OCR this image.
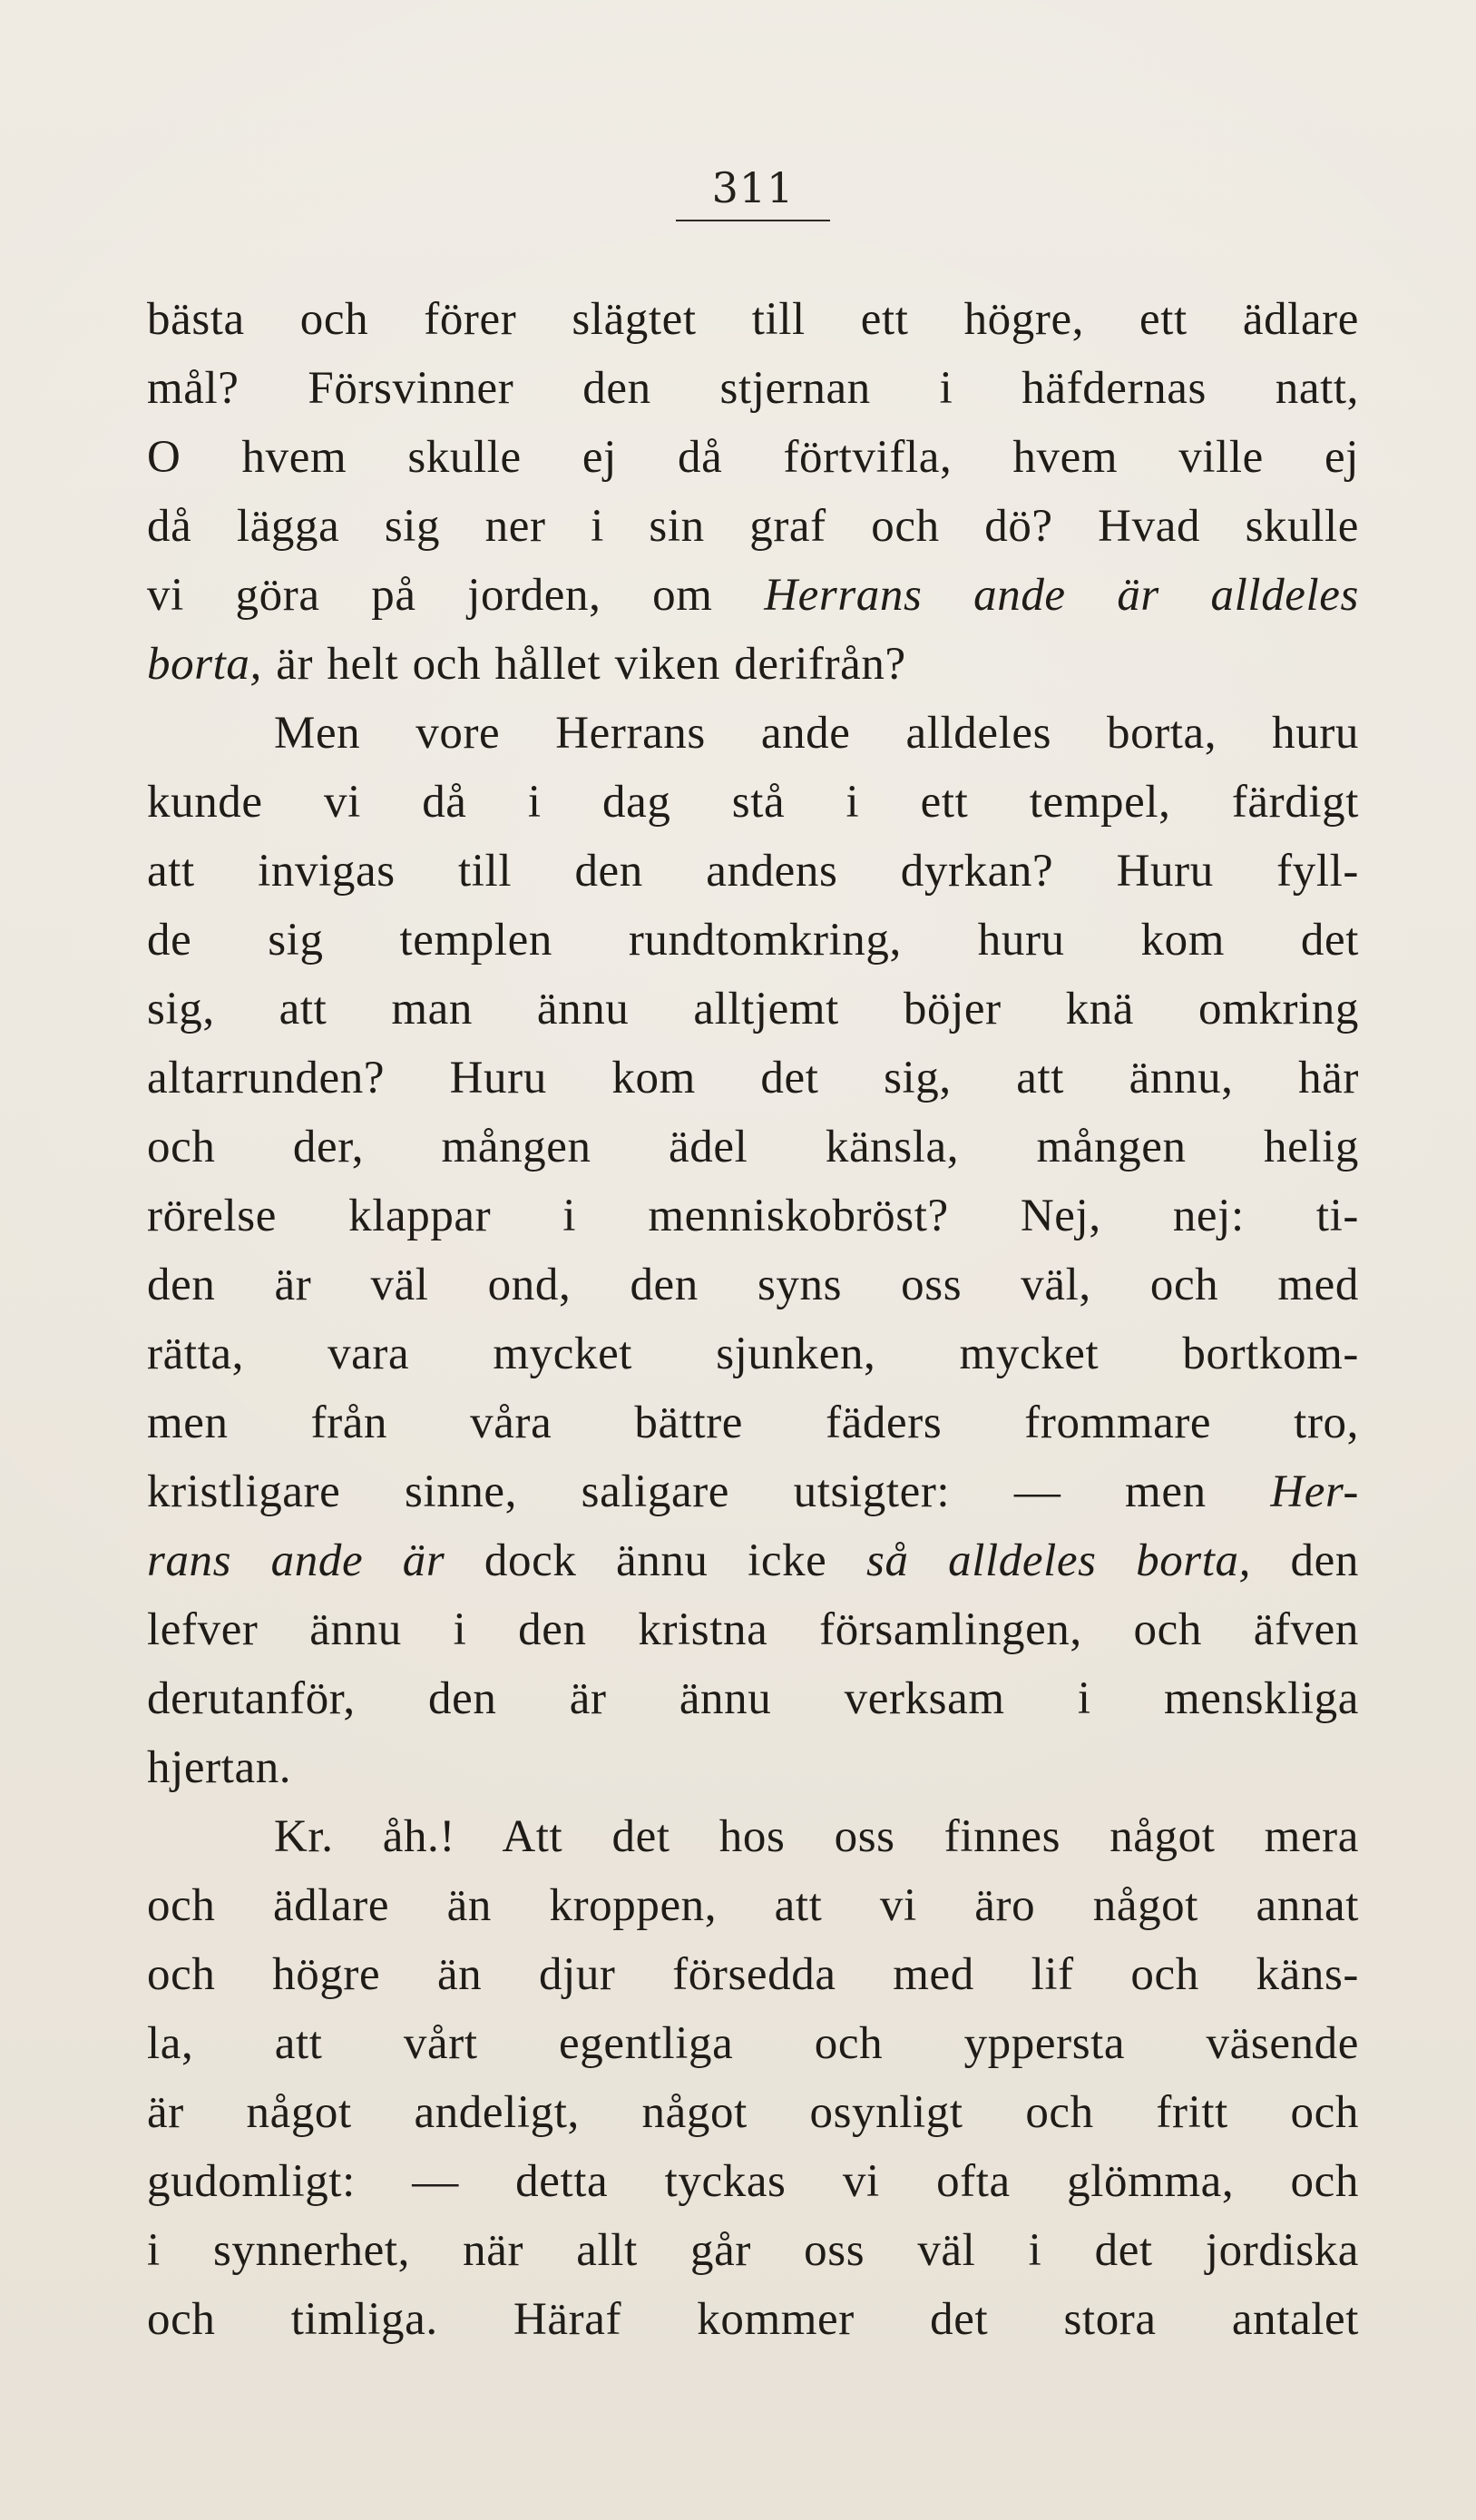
311
bästa och förer slägtet till ett högre, ett ädlare
mål? Försvinner den stjernan i häfdernas natt,
O hvem skulle ej då förtvifla, hvem ville ej
då lägga sig ner i sin graf och dö? Hvad skulle
vi göra på jorden, om Herrans ande är alldeles
borta, är helt och hållet viken derifrån?
Men vore Herrans ande alldeles borta, huru
kunde vi då i dag stå i ett tempel, färdigt
att invigas till den andens dyrkan? Huru fyll-
de sig templen rundtomkring, huru kom det
sig, att man ännu alltjemt böjer knä omkring
altarrunden? Huru kom det sig, att ännu, här
och der, mången ädel känsla, mången helig
rörelse klappar i menniskobröst? Nej, nej: ti-
den är väl ond, den syns oss väl, och med
rätta, vara mycket sjunken, mycket bortkom-
men från våra bättre fäders frommare tro,
kristligare sinne, saligare utsigter: — men Her-
rans ande är dock ännu icke så alldeles borta, den
lefver ännu i den kristna församlingen, och äfven
derutanför, den är ännu verksam i menskliga
hjertan.
Kr. åh.! Att det hos oss finnes något mera
och ädlare än kroppen, att vi äro något annat
och högre än djur försedda med lif och käns-
la, att vårt egentliga och yppersta väsende
är något andeligt, något osynligt och fritt och
gudomligt: — detta tyckas vi ofta glömma, och
i synnerhet, när allt går oss väl i det jordiska
och timliga. Häraf kommer det stora antalet
